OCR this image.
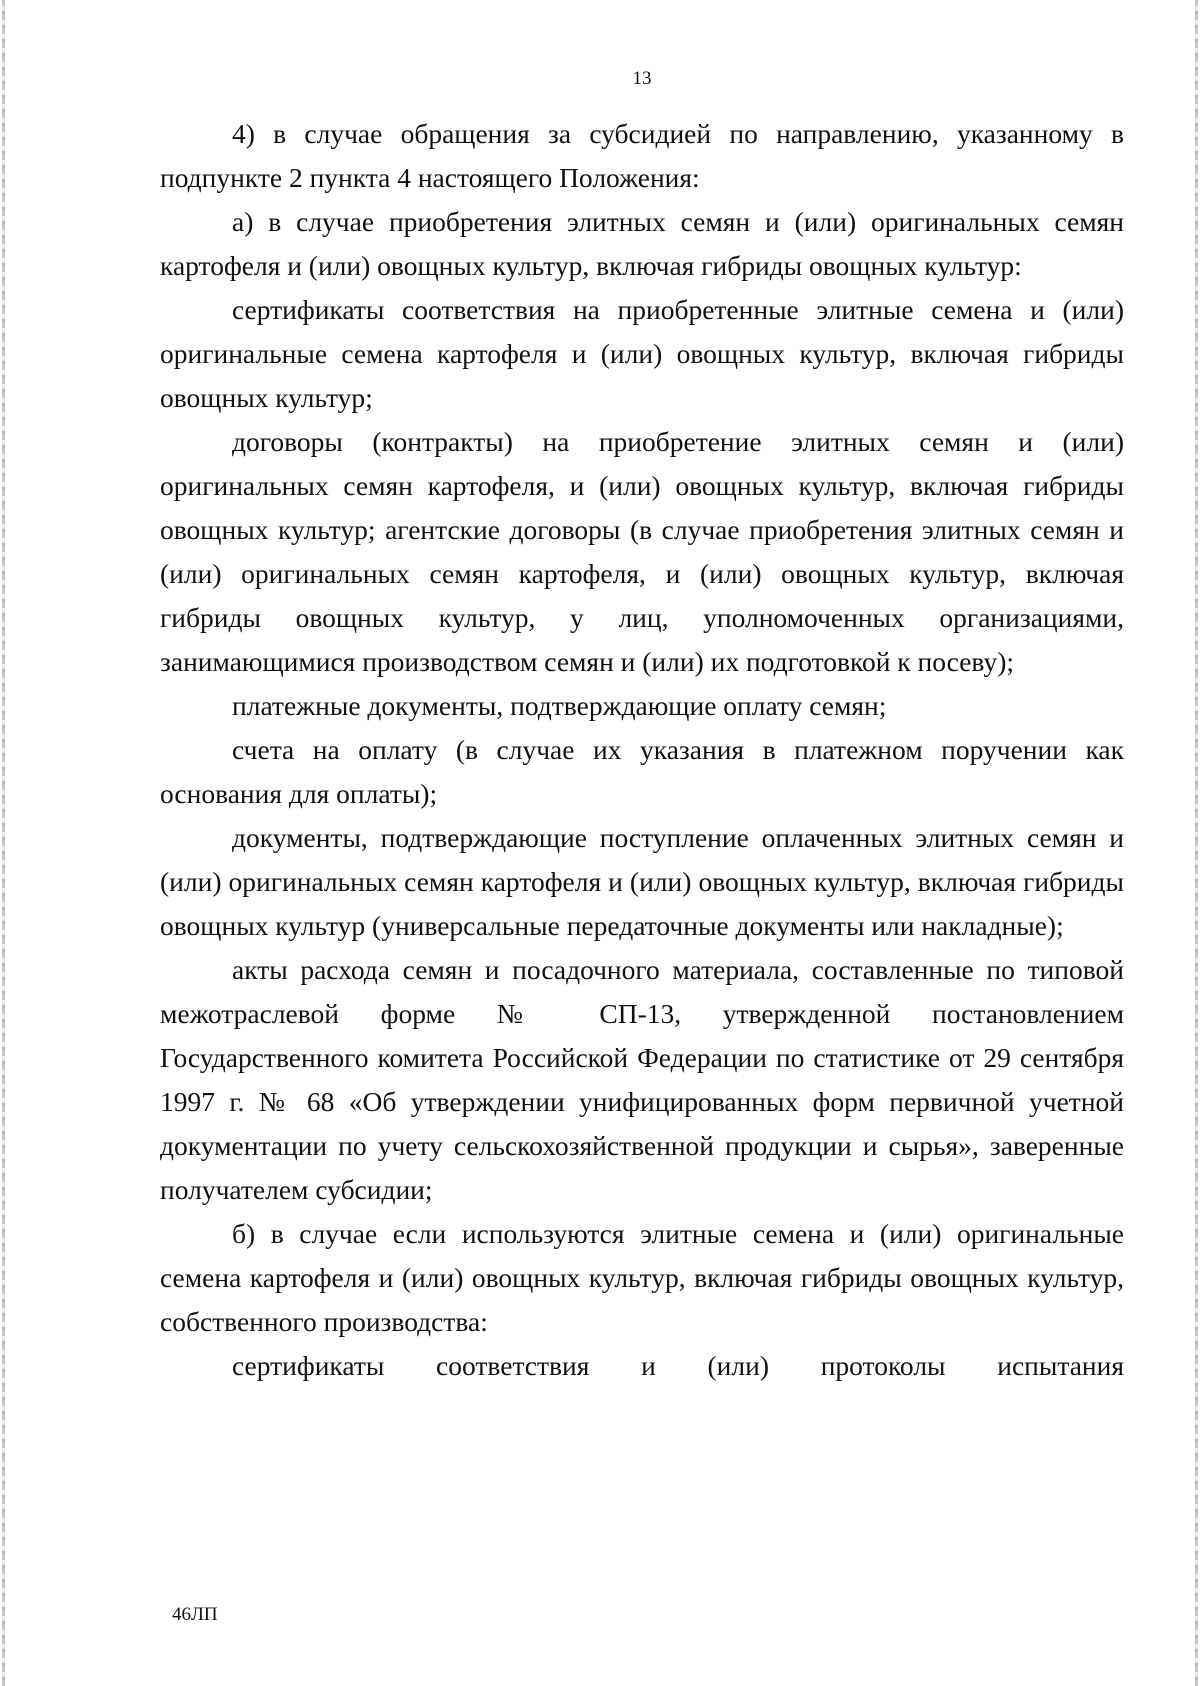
13

4) в случае обращения за субсидией по направлению, указанному в подпункте 2 пункта 4 настоящего Положения:

а) в случае приобретения элитных семян и (или) оригинальных семян картофеля и (или) овощных культур, включая гибриды овощных культур:

сертификаты соответствия на приобретенные элитные семена и (или) оригинальные семена картофеля и (или) овощных культур, включая гибриды овощных культур;

договоры (контракты) на приобретение элитных семян и (или) оригинальных семян картофеля, и (или) овощных культур, включая гибриды овощных культур; агентские договоры (в случае приобретения элитных семян и (или) оригинальных семян картофеля, и (или) овощных культур, включая гибриды овощных культур, у лиц, уполномоченных организациями, занимающимися производством семян и (или) их подготовкой к посеву);

платежные документы, подтверждающие оплату семян;

счета на оплату (в случае их указания в платежном поручении как основания для оплаты);

документы, подтверждающие поступление оплаченных элитных семян и (или) оригинальных семян картофеля и (или) овощных культур, включая гибриды овощных культур (универсальные передаточные документы или накладные);

акты расхода семян и посадочного материала, составленные по типовой межотраслевой форме № СП-13, утвержденной постановлением Государственного комитета Российской Федерации по статистике от 29 сентября 1997 г. № 68 «Об утверждении унифицированных форм первичной учетной документации по учету сельскохозяйственной продукции и сырья», заверенные получателем субсидии;

б) в случае если используются элитные семена и (или) оригинальные семена картофеля и (или) овощных культур, включая гибриды овощных культур, собственного производства:

сертификаты соответствия и (или) протоколы испытания

46ЛП
